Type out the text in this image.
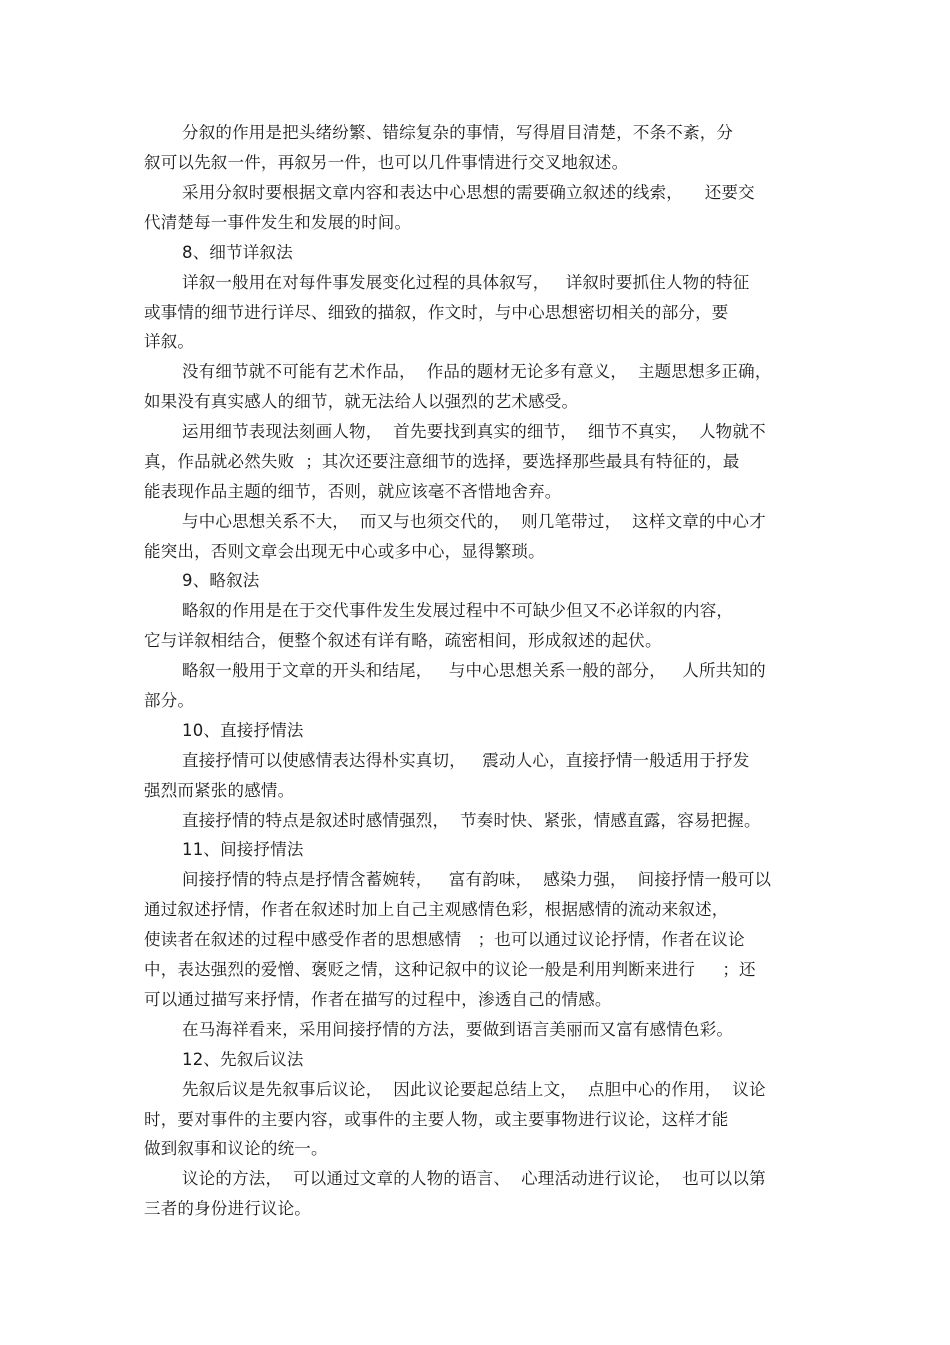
分叙的作用是把头绪纷繁、错综复杂的事情，写得眉目清楚，不条不紊，分
叙可以先叙一件，再叙另一件，也可以几件事情进行交叉地叙述。
采用分叙时要根据文章内容和表达中心思想的需要确立叙述的线索，    还要交
代清楚每一事件发生和发展的时间。
8、细节详叙法
详叙一般用在对每件事发展变化过程的具体叙写，   详叙时要抓住人物的特征
或事情的细节进行详尽、细致的描叙，作文时，与中心思想密切相关的部分，要
详叙。
没有细节就不可能有艺术作品，  作品的题材无论多有意义，  主题思想多正确，
如果没有真实感人的细节，就无法给人以强烈的艺术感受。
运用细节表现法刻画人物，  首先要找到真实的细节，  细节不真实，  人物就不
真，作品就必然失败  ；其次还要注意细节的选择，要选择那些最具有特征的，最
能表现作品主题的细节，否则，就应该毫不吝惜地舍弃。
与中心思想关系不大，  而又与也须交代的，  则几笔带过，  这样文章的中心才
能突出，否则文章会出现无中心或多中心，显得繁琐。
9、略叙法
略叙的作用是在于交代事件发生发展过程中不可缺少但又不必详叙的内容，
它与详叙相结合，便整个叙述有详有略，疏密相间，形成叙述的起伏。
略叙一般用于文章的开头和结尾，   与中心思想关系一般的部分，   人所共知的
部分。
10、直接抒情法
直接抒情可以使感情表达得朴实真切，   震动人心，直接抒情一般适用于抒发
强烈而紧张的感情。
直接抒情的特点是叙述时感情强烈，  节奏时快、紧张，情感直露，容易把握。
11、间接抒情法
间接抒情的特点是抒情含蓄婉转，   富有韵味，  感染力强，  间接抒情一般可以
通过叙述抒情，作者在叙述时加上自己主观感情色彩，根据感情的流动来叙述，
使读者在叙述的过程中感受作者的思想感情   ；也可以通过议论抒情，作者在议论
中，表达强烈的爱憎、褒贬之情，这种记叙中的议论一般是利用判断来进行     ；还
可以通过描写来抒情，作者在描写的过程中，渗透自己的情感。
在马海祥看来，采用间接抒情的方法，要做到语言美丽而又富有感情色彩。
12、先叙后议法
先叙后议是先叙事后议论，  因此议论要起总结上文，  点胆中心的作用，  议论
时，要对事件的主要内容，或事件的主要人物，或主要事物进行议论，这样才能
做到叙事和议论的统一。
议论的方法，  可以通过文章的人物的语言、  心理活动进行议论，  也可以以第
三者的身份进行议论。
